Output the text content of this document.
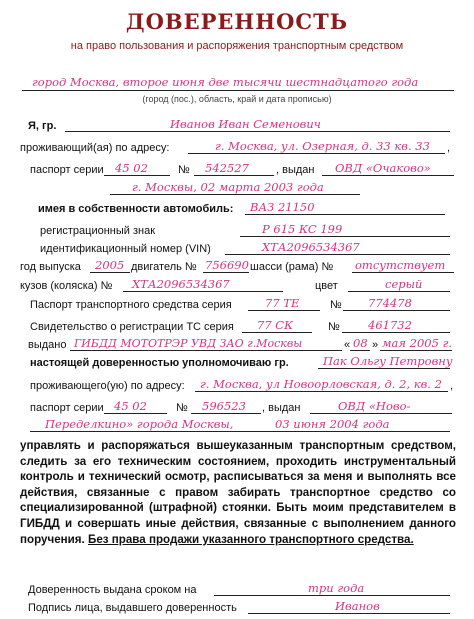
ДОВЕРЕННОСТЬ
на право пользования и распоряжения транспортным средством
город Москва, второе июня две тысячи шестнадцатого года
(город (пос.), область, край и дата прописью)
Я, гр.	Иванов Иван Семенович
проживающий(ая) по адресу:	г. Москва, ул. Озерная, д. 33 кв. 33 ,
паспорт серии 45 02	№ 542527 , выдан ОВД «Очаково»
г. Москвы, 02 марта 2003 года
имея в собственности автомобиль: ВАЗ 21150
регистрационный знак	Р 615 КС 199
идентификационный номер (VIN)	ХТА2096534367
год выпуска 2005 двигатель № 756690 шасси (рама) № отсутствует
кузов (коляска) № ХТА2096534367	цвет	серый
Паспорт транспортного средства серия	77 ТЕ	№ 774478
Свидетельство о регистрации ТС серия 77 СК	№ 461732
выдано ГИБДД МОТОТРЭР УВД ЗАО г.Москвы	« 08 » мая 2005 г.
настоящей доверенностью уполномочиваю гр.	Пак Ольгу Петровну
проживающего(ую) по адресу: г. Москва, ул Новоорловская, д. 2, кв. 2 ,
паспорт серии 45 02	№ 596523 , выдан	ОВД «Ново-
Переделкино» города Москвы,	03 июня 2004 года
управлять и распоряжаться вышеуказанным транспортным средством, следить за его техническим состоянием, проходить инструментальный контроль и технический осмотр, расписываться за меня и выполнять все действия, связанные с правом забирать транспортное средство со специализированной (штрафной) стоянки. Быть моим представителем в ГИБДД и совершать иные действия, связанные с выполнением данного поручения. Без права продажи указанного транспортного средства.
Доверенность выдана сроком на	три года
Подпись лица, выдавшего доверенность	Иванов
